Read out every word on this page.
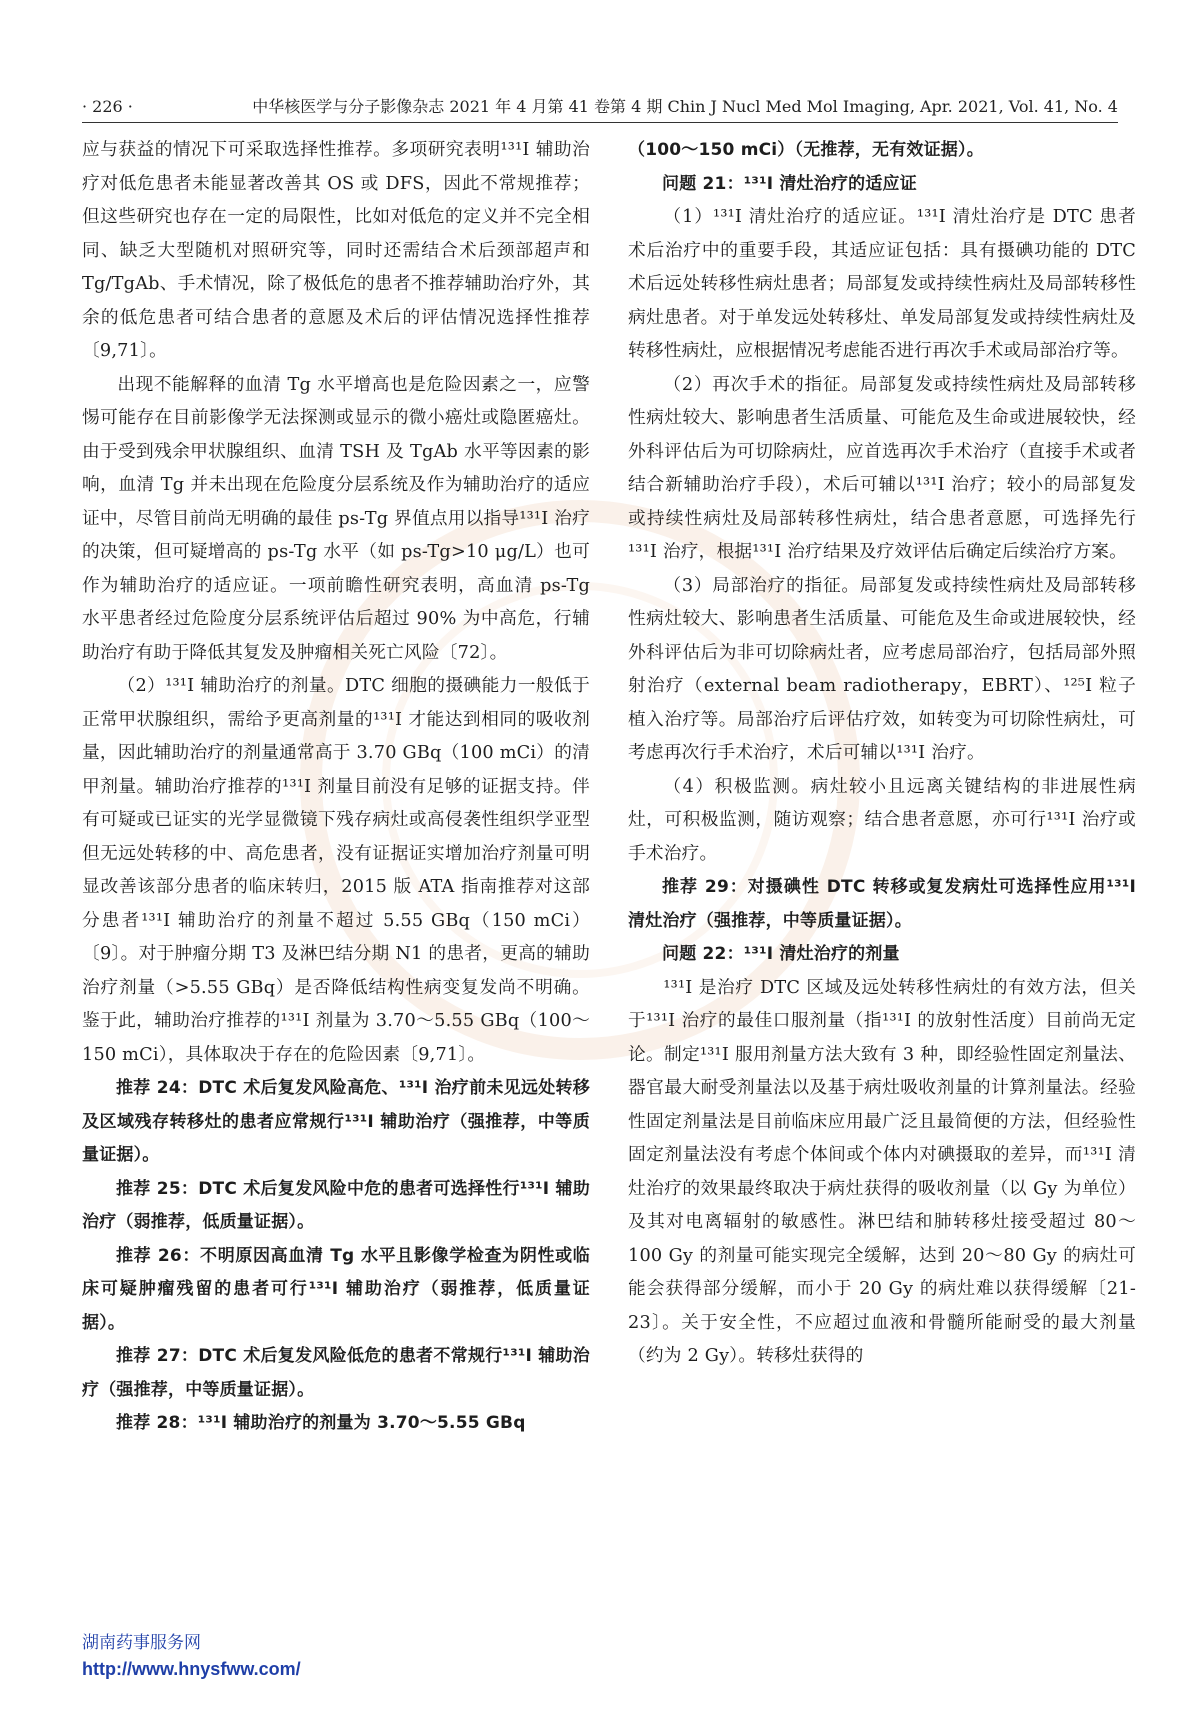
· 226 ·	中华核医学与分子影像杂志 2021 年 4 月第 41 卷第 4 期 Chin J Nucl Med Mol Imaging, Apr. 2021, Vol. 41, No. 4

应与获益的情况下可采取选择性推荐。多项研究表明¹³¹I 辅助治疗对低危患者未能显著改善其 OS 或 DFS，因此不常规推荐；但这些研究也存在一定的局限性，比如对低危的定义并不完全相同、缺乏大型随机对照研究等，同时还需结合术后颈部超声和 Tg/TgAb、手术情况，除了极低危的患者不推荐辅助治疗外，其余的低危患者可结合患者的意愿及术后的评估情况选择性推荐〔9,71〕。

出现不能解释的血清 Tg 水平增高也是危险因素之一，应警惕可能存在目前影像学无法探测或显示的微小癌灶或隐匿癌灶。由于受到残余甲状腺组织、血清 TSH 及 TgAb 水平等因素的影响，血清 Tg 并未出现在危险度分层系统及作为辅助治疗的适应证中，尽管目前尚无明确的最佳 ps-Tg 界值点用以指导¹³¹I 治疗的决策，但可疑增高的 ps-Tg 水平（如 ps-Tg>10 μg/L）也可作为辅助治疗的适应证。一项前瞻性研究表明，高血清 ps-Tg 水平患者经过危险度分层系统评估后超过 90% 为中高危，行辅助治疗有助于降低其复发及肿瘤相关死亡风险〔72〕。

（2）¹³¹I 辅助治疗的剂量。DTC 细胞的摄碘能力一般低于正常甲状腺组织，需给予更高剂量的¹³¹I 才能达到相同的吸收剂量，因此辅助治疗的剂量通常高于 3.70 GBq（100 mCi）的清甲剂量。辅助治疗推荐的¹³¹I 剂量目前没有足够的证据支持。伴有可疑或已证实的光学显微镜下残存病灶或高侵袭性组织学亚型但无远处转移的中、高危患者，没有证据证实增加治疗剂量可明显改善该部分患者的临床转归，2015 版 ATA 指南推荐对这部分患者¹³¹I 辅助治疗的剂量不超过 5.55 GBq（150 mCi）〔9〕。对于肿瘤分期 T3 及淋巴结分期 N1 的患者，更高的辅助治疗剂量（>5.55 GBq）是否降低结构性病变复发尚不明确。鉴于此，辅助治疗推荐的¹³¹I 剂量为 3.70～5.55 GBq（100～150 mCi），具体取决于存在的危险因素〔9,71〕。

推荐 24：DTC 术后复发风险高危、¹³¹I 治疗前未见远处转移及区域残存转移灶的患者应常规行¹³¹I 辅助治疗（强推荐，中等质量证据）。

推荐 25：DTC 术后复发风险中危的患者可选择性行¹³¹I 辅助治疗（弱推荐，低质量证据）。

推荐 26：不明原因高血清 Tg 水平且影像学检查为阴性或临床可疑肿瘤残留的患者可行¹³¹I 辅助治疗（弱推荐，低质量证据）。

推荐 27：DTC 术后复发风险低危的患者不常规行¹³¹I 辅助治疗（强推荐，中等质量证据）。

推荐 28：¹³¹I 辅助治疗的剂量为 3.70～5.55 GBq

（100～150 mCi）（无推荐，无有效证据）。

问题 21：¹³¹I 清灶治疗的适应证

（1）¹³¹I 清灶治疗的适应证。¹³¹I 清灶治疗是 DTC 患者术后治疗中的重要手段，其适应证包括：具有摄碘功能的 DTC 术后远处转移性病灶患者；局部复发或持续性病灶及局部转移性病灶患者。对于单发远处转移灶、单发局部复发或持续性病灶及转移性病灶，应根据情况考虑能否进行再次手术或局部治疗等。

（2）再次手术的指征。局部复发或持续性病灶及局部转移性病灶较大、影响患者生活质量、可能危及生命或进展较快，经外科评估后为可切除病灶，应首选再次手术治疗（直接手术或者结合新辅助治疗手段），术后可辅以¹³¹I 治疗；较小的局部复发或持续性病灶及局部转移性病灶，结合患者意愿，可选择先行¹³¹I 治疗，根据¹³¹I 治疗结果及疗效评估后确定后续治疗方案。

（3）局部治疗的指征。局部复发或持续性病灶及局部转移性病灶较大、影响患者生活质量、可能危及生命或进展较快，经外科评估后为非可切除病灶者，应考虑局部治疗，包括局部外照射治疗（external beam radiotherapy，EBRT）、¹²⁵I 粒子植入治疗等。局部治疗后评估疗效，如转变为可切除性病灶，可考虑再次行手术治疗，术后可辅以¹³¹I 治疗。

（4）积极监测。病灶较小且远离关键结构的非进展性病灶，可积极监测，随访观察；结合患者意愿，亦可行¹³¹I 治疗或手术治疗。

推荐 29：对摄碘性 DTC 转移或复发病灶可选择性应用¹³¹I 清灶治疗（强推荐，中等质量证据）。

问题 22：¹³¹I 清灶治疗的剂量

¹³¹I 是治疗 DTC 区域及远处转移性病灶的有效方法，但关于¹³¹I 治疗的最佳口服剂量（指¹³¹I 的放射性活度）目前尚无定论。制定¹³¹I 服用剂量方法大致有 3 种，即经验性固定剂量法、器官最大耐受剂量法以及基于病灶吸收剂量的计算剂量法。经验性固定剂量法是目前临床应用最广泛且最简便的方法，但经验性固定剂量法没有考虑个体间或个体内对碘摄取的差异，而¹³¹I 清灶治疗的效果最终取决于病灶获得的吸收剂量（以 Gy 为单位）及其对电离辐射的敏感性。淋巴结和肺转移灶接受超过 80～100 Gy 的剂量可能实现完全缓解，达到 20～80 Gy 的病灶可能会获得部分缓解，而小于 20 Gy 的病灶难以获得缓解〔21-23〕。关于安全性，不应超过血液和骨髓所能耐受的最大剂量（约为 2 Gy）。转移灶获得的

湖南药事服务网
http://www.hnysfww.com/
